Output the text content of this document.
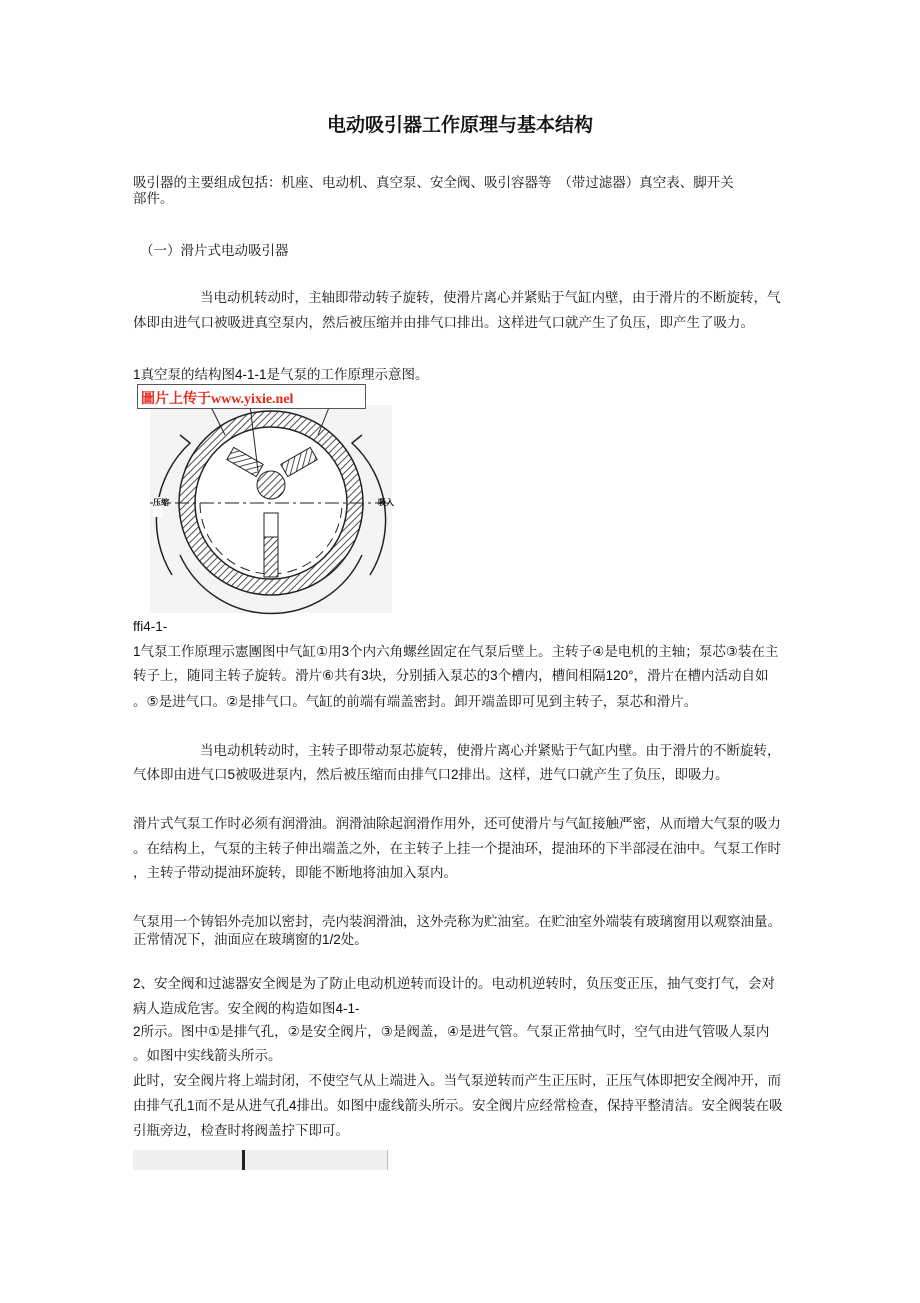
电动吸引器工作原理与基本结构
吸引器的主要组成包括：机座、电动机、真空泵、安全阀、吸引容器等　（带过滤器）真空表、脚开关
部件。
（一）滑片式电动吸引器
当电动机转动时，主轴即带动转子旋转，使滑片离心并紧贴于气缸内壁，由于滑片的不断旋转，气
体即由进气口被吸进真空泵内，然后被压缩并由排气口排出。这样进气口就产生了负压，即产生了吸力。
1真空泵的结构图4-1-1是气泵的工作原理示意图。
压缩	吸入
圖片上传于www.yixie.nel
ffi4-1-
1气泵工作原理示憲團图中气缸①用3个内六角螺丝固定在气泵后壁上。主转子④是电机的主轴；泵芯③装在主
转子上，随同主转子旋转。滑片⑥共有3块，分别插入泵芯的3个槽内，槽间相隔120°，滑片在槽内活动自如
。⑤是进气口。②是排气口。气缸的前端有端盖密封。卸开端盖即可见到主转子，泵芯和滑片。
当电动机转动时，主转子即带动泵芯旋转，使滑片离心并紧贴于气缸内壁。由于滑片的不断旋转，
气体即由进气口5被吸进泵内，然后被压缩而由排气口2排出。这样，进气口就产生了负压，即吸力。
滑片式气泵工作时必须有润滑油。润滑油除起润滑作用外，还可使滑片与气缸接触严密，从而增大气泵的吸力
。在结构上，气泵的主转子伸出端盖之外，在主转子上挂一个提油环，提油环的下半部浸在油中。气泵工作时
，主转子带动提油环旋转，即能不断地将油加入泵内。
气泵用一个铸铝外壳加以密封，壳内装润滑油，这外壳称为贮油室。在贮油室外端装有玻璃窗用以观察油量。
正常情况下，油面应在玻璃窗的1/2处。
2、安全阀和过滤器安全阀是为了防止电动机逆转而设计的。电动机逆转时，负压变正压，抽气变打气，会对
病人造成危害。安全阀的构造如图4-1-
2所示。图中①是排气孔，②是安全阀片，③是阀盖，④是进气管。气泵正常抽气时，空气由进气管吸人泵内
。如图中实线箭头所示。
此时，安全阀片将上端封闭，不使空气从上端进入。当气泵逆转而产生正压时，正压气体即把安全阀冲开，而
由排气孔1而不是从进气孔4排出。如图中虚线箭头所示。安全阀片应经常检查，保持平整清洁。安全阀装在吸
引瓶旁边，检查时将阀盖拧下即可。
